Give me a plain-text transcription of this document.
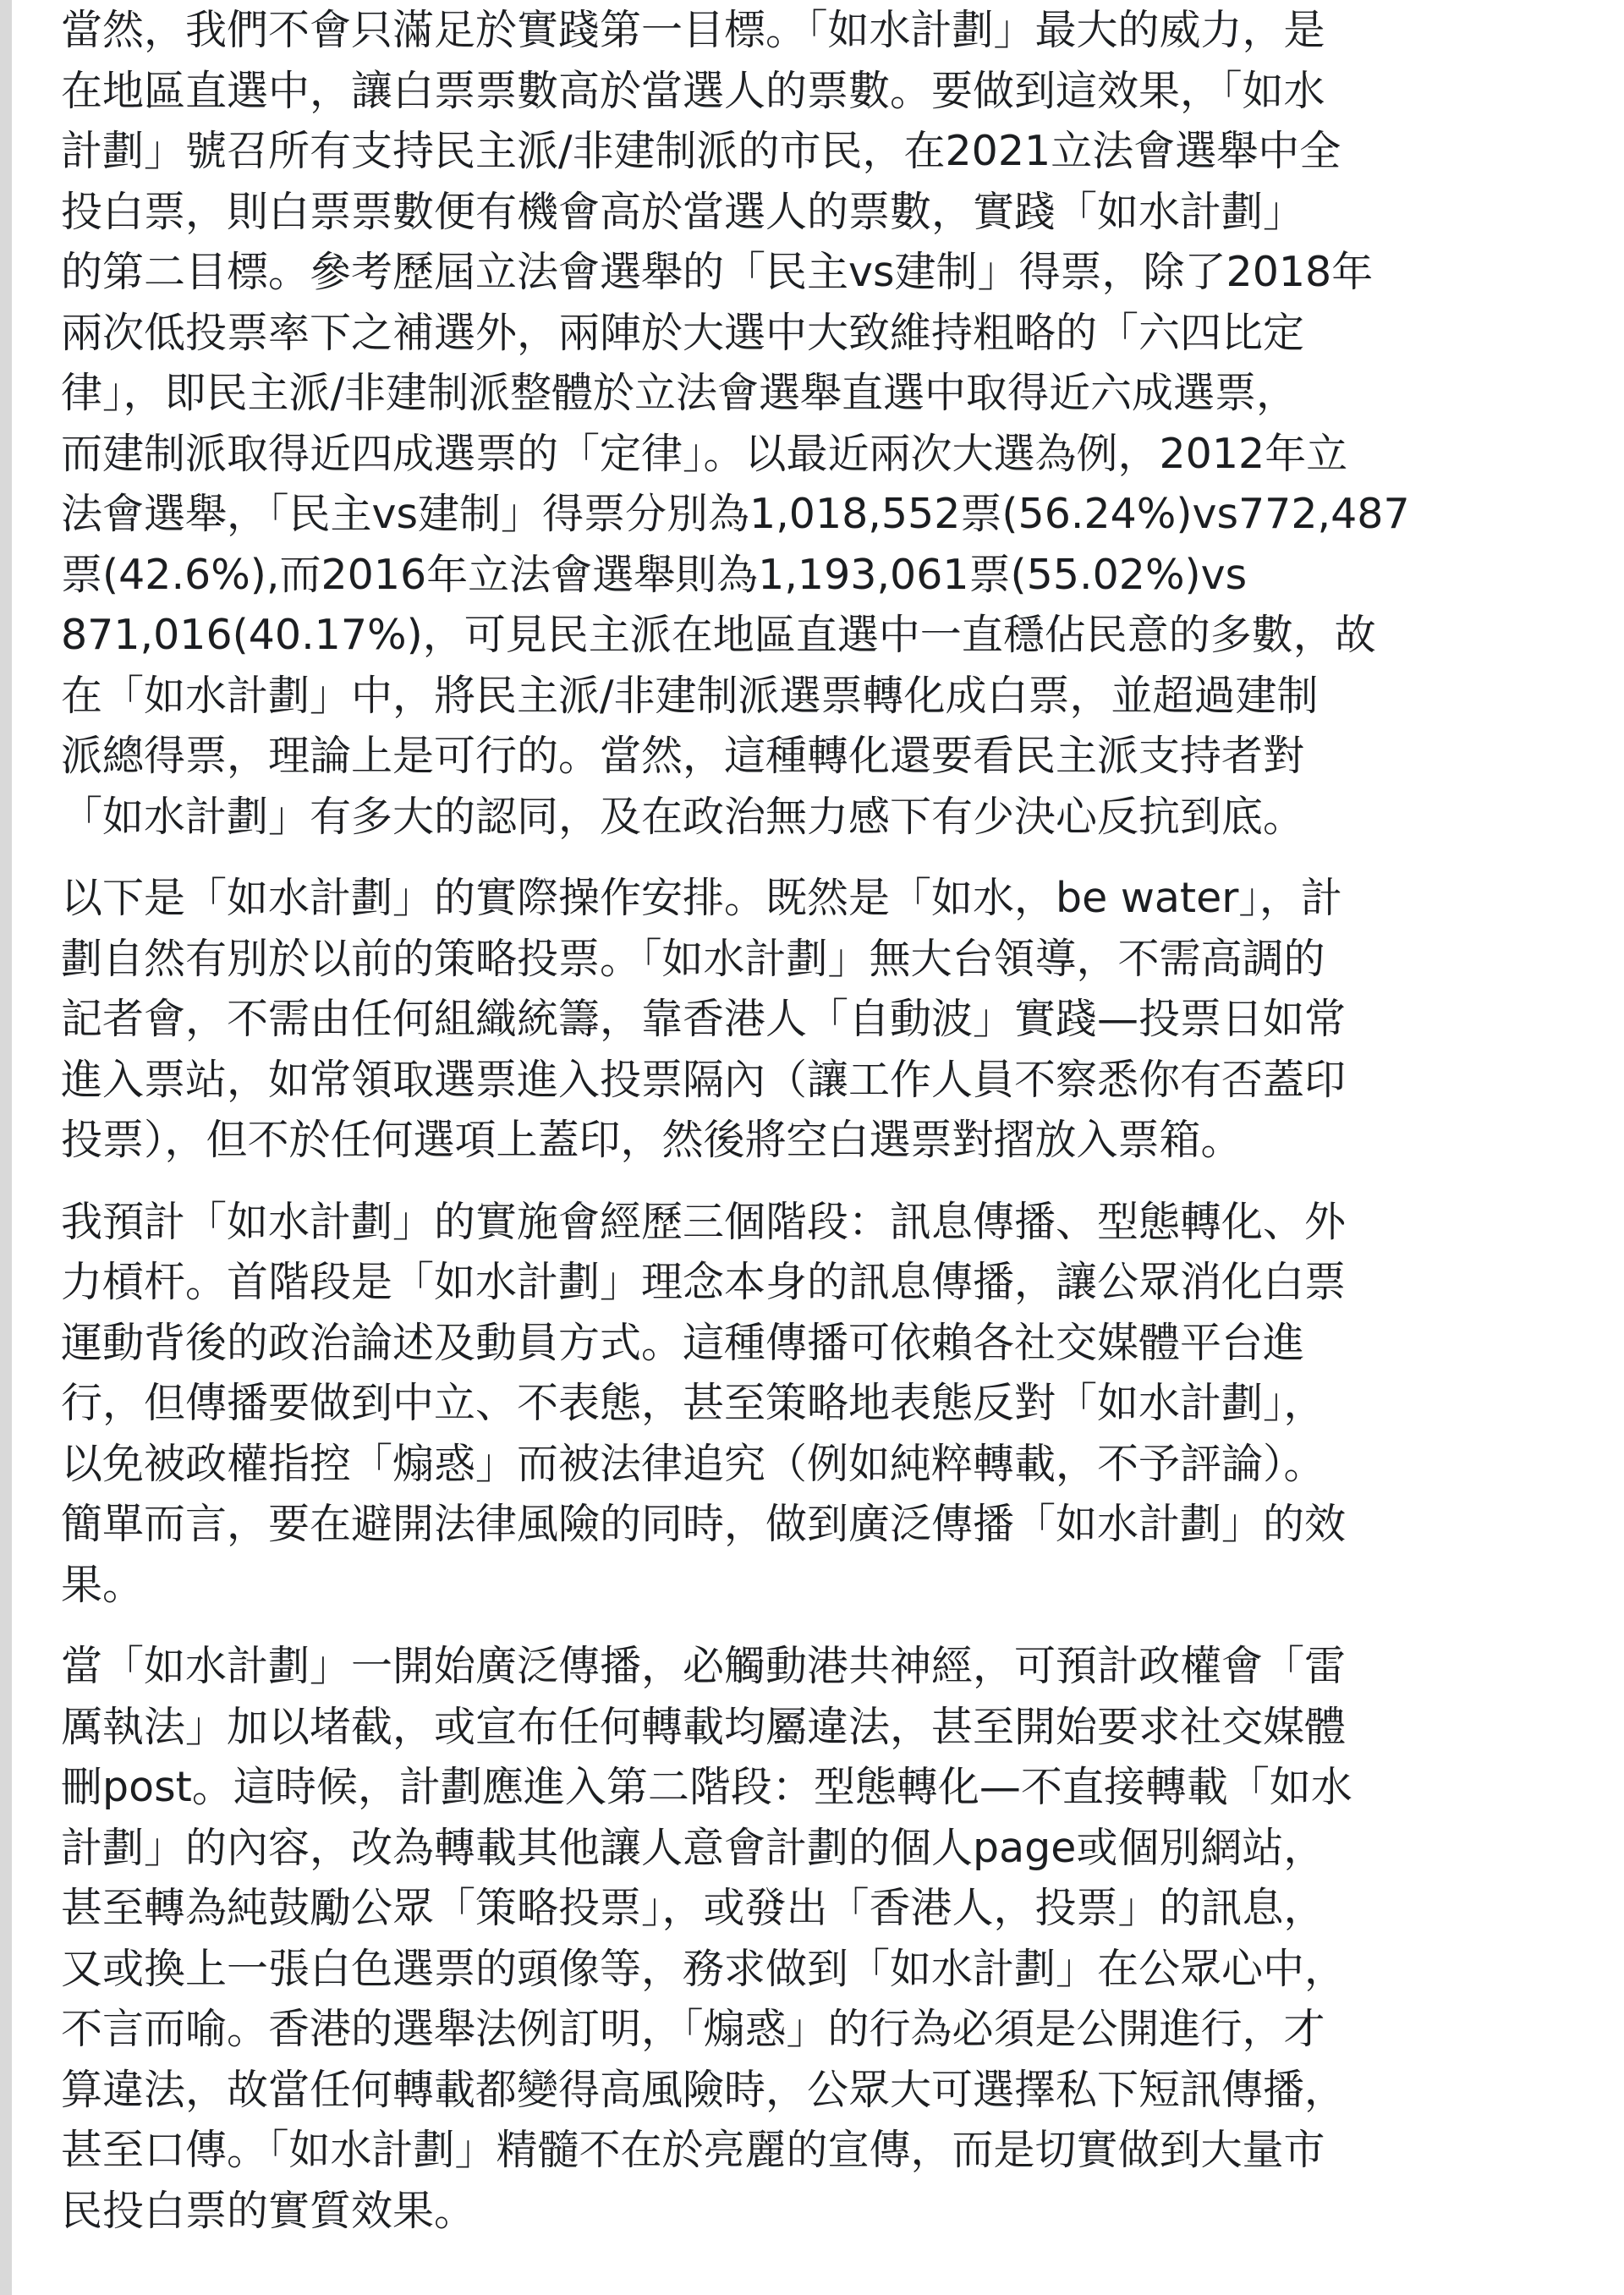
當然，我們不會只滿足於實踐第一目標。「如水計劃」最大的威力，是
在地區直選中，讓白票票數高於當選人的票數。要做到這效果，「如水
計劃」號召所有支持民主派/非建制派的市民，在2021立法會選舉中全
投白票，則白票票數便有機會高於當選人的票數，實踐「如水計劃」
的第二目標。參考歷屆立法會選舉的「民主vs建制」得票，除了2018年
兩次低投票率下之補選外，兩陣於大選中大致維持粗略的「六四比定
律」，即民主派/非建制派整體於立法會選舉直選中取得近六成選票，
而建制派取得近四成選票的「定律」。以最近兩次大選為例，2012年立
法會選舉，「民主vs建制」得票分別為1,018,552票(56.24%)vs772,487
票(42.6%),而2016年立法會選舉則為1,193,061票(55.02%)vs
871,016(40.17%)，可見民主派在地區直選中一直穩佔民意的多數，故
在「如水計劃」中，將民主派/非建制派選票轉化成白票，並超過建制
派總得票，理論上是可行的。當然，這種轉化還要看民主派支持者對
「如水計劃」有多大的認同，及在政治無力感下有少決心反抗到底。

以下是「如水計劃」的實際操作安排。既然是「如水，be water」，計
劃自然有別於以前的策略投票。「如水計劃」無大台領導，不需高調的
記者會，不需由任何組織統籌，靠香港人「自動波」實踐—投票日如常
進入票站，如常領取選票進入投票隔內（讓工作人員不察悉你有否蓋印
投票），但不於任何選項上蓋印，然後將空白選票對摺放入票箱。

我預計「如水計劃」的實施會經歷三個階段：訊息傳播、型態轉化、外
力槓杆。首階段是「如水計劃」理念本身的訊息傳播，讓公眾消化白票
運動背後的政治論述及動員方式。這種傳播可依賴各社交媒體平台進
行，但傳播要做到中立、不表態，甚至策略地表態反對「如水計劃」，
以免被政權指控「煽惑」而被法律追究（例如純粹轉載，不予評論）。
簡單而言，要在避開法律風險的同時，做到廣泛傳播「如水計劃」的效
果。

當「如水計劃」一開始廣泛傳播，必觸動港共神經，可預計政權會「雷
厲執法」加以堵截，或宣布任何轉載均屬違法，甚至開始要求社交媒體
刪post。這時候，計劃應進入第二階段：型態轉化—不直接轉載「如水
計劃」的內容，改為轉載其他讓人意會計劃的個人page或個別網站，
甚至轉為純鼓勵公眾「策略投票」，或發出「香港人，投票」的訊息，
又或換上一張白色選票的頭像等，務求做到「如水計劃」在公眾心中，
不言而喻。香港的選舉法例訂明，「煽惑」的行為必須是公開進行，才
算違法，故當任何轉載都變得高風險時，公眾大可選擇私下短訊傳播，
甚至口傳。「如水計劃」精髓不在於亮麗的宣傳，而是切實做到大量市
民投白票的實質效果。
